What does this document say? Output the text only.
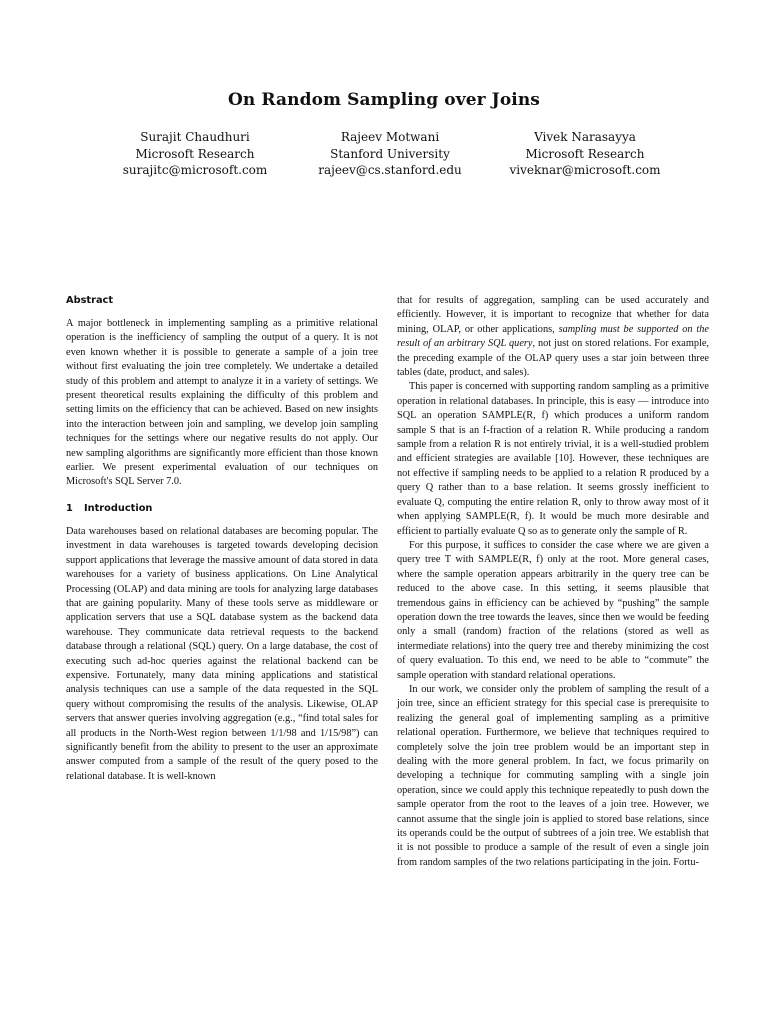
On Random Sampling over Joins
Surajit Chaudhuri
Microsoft Research
surajitc@microsoft.com
Rajeev Motwani
Stanford University
rajeev@cs.stanford.edu
Vivek Narasayya
Microsoft Research
viveknar@microsoft.com
Abstract

A major bottleneck in implementing sampling as a primitive relational operation is the inefficiency of sampling the output of a query. It is not even known whether it is possible to generate a sample of a join tree without first evaluating the join tree completely. We undertake a detailed study of this problem and attempt to analyze it in a variety of settings. We present theoretical results explaining the difficulty of this problem and setting limits on the efficiency that can be achieved. Based on new insights into the interaction between join and sampling, we develop join sampling techniques for the settings where our negative results do not apply. Our new sampling algorithms are significantly more efficient than those known earlier. We present experimental evaluation of our techniques on Microsoft's SQL Server 7.0.

1 Introduction

Data warehouses based on relational databases are becoming popular. The investment in data warehouses is targeted towards developing decision support applications that leverage the massive amount of data stored in data warehouses for a variety of business applications. On Line Analytical Processing (OLAP) and data mining are tools for analyzing large databases that are gaining popularity. Many of these tools serve as middleware or application servers that use a SQL database system as the backend data warehouse. They communicate data retrieval requests to the backend database through a relational (SQL) query. On a large database, the cost of executing such ad-hoc queries against the relational backend can be expensive. Fortunately, many data mining applications and statistical analysis techniques can use a sample of the data requested in the SQL query without compromising the results of the analysis. Likewise, OLAP servers that answer queries involving aggregation (e.g., “find total sales for all products in the North-West region between 1/1/98 and 1/15/98”) can significantly benefit from the ability to present to the user an approximate answer computed from a sample of the result of the query posed to the relational database. It is well-known

that for results of aggregation, sampling can be used accurately and efficiently. However, it is important to recognize that whether for data mining, OLAP, or other applications, sampling must be supported on the result of an arbitrary SQL query, not just on stored relations. For example, the preceding example of the OLAP query uses a star join between three tables (date, product, and sales).

This paper is concerned with supporting random sampling as a primitive operation in relational databases. In principle, this is easy — introduce into SQL an operation SAMPLE(R, f) which produces a uniform random sample S that is an f-fraction of a relation R. While producing a random sample from a relation R is not entirely trivial, it is a well-studied problem and efficient strategies are available [10]. However, these techniques are not effective if sampling needs to be applied to a relation R produced by a query Q rather than to a base relation. It seems grossly inefficient to evaluate Q, computing the entire relation R, only to throw away most of it when applying SAMPLE(R, f). It would be much more desirable and efficient to partially evaluate Q so as to generate only the sample of R.

For this purpose, it suffices to consider the case where we are given a query tree T with SAMPLE(R, f) only at the root. More general cases, where the sample operation appears arbitrarily in the query tree can be reduced to the above case. In this setting, it seems plausible that tremendous gains in efficiency can be achieved by “pushing” the sample operation down the tree towards the leaves, since then we would be feeding only a small (random) fraction of the relations (stored as well as intermediate relations) into the query tree and thereby minimizing the cost of query evaluation. To this end, we need to be able to “commute” the sample operation with standard relational operations.

In our work, we consider only the problem of sampling the result of a join tree, since an efficient strategy for this special case is prerequisite to realizing the general goal of implementing sampling as a primitive relational operation. Furthermore, we believe that techniques required to completely solve the join tree problem would be an important step in dealing with the more general problem. In fact, we focus primarily on developing a technique for commuting sampling with a single join operation, since we could apply this technique repeatedly to push down the sample operator from the root to the leaves of a join tree. However, we cannot assume that the single join is applied to stored base relations, since its operands could be the output of subtrees of a join tree. We establish that it is not possible to produce a sample of the result of even a single join from random samples of the two relations participating in the join. Fortu-
